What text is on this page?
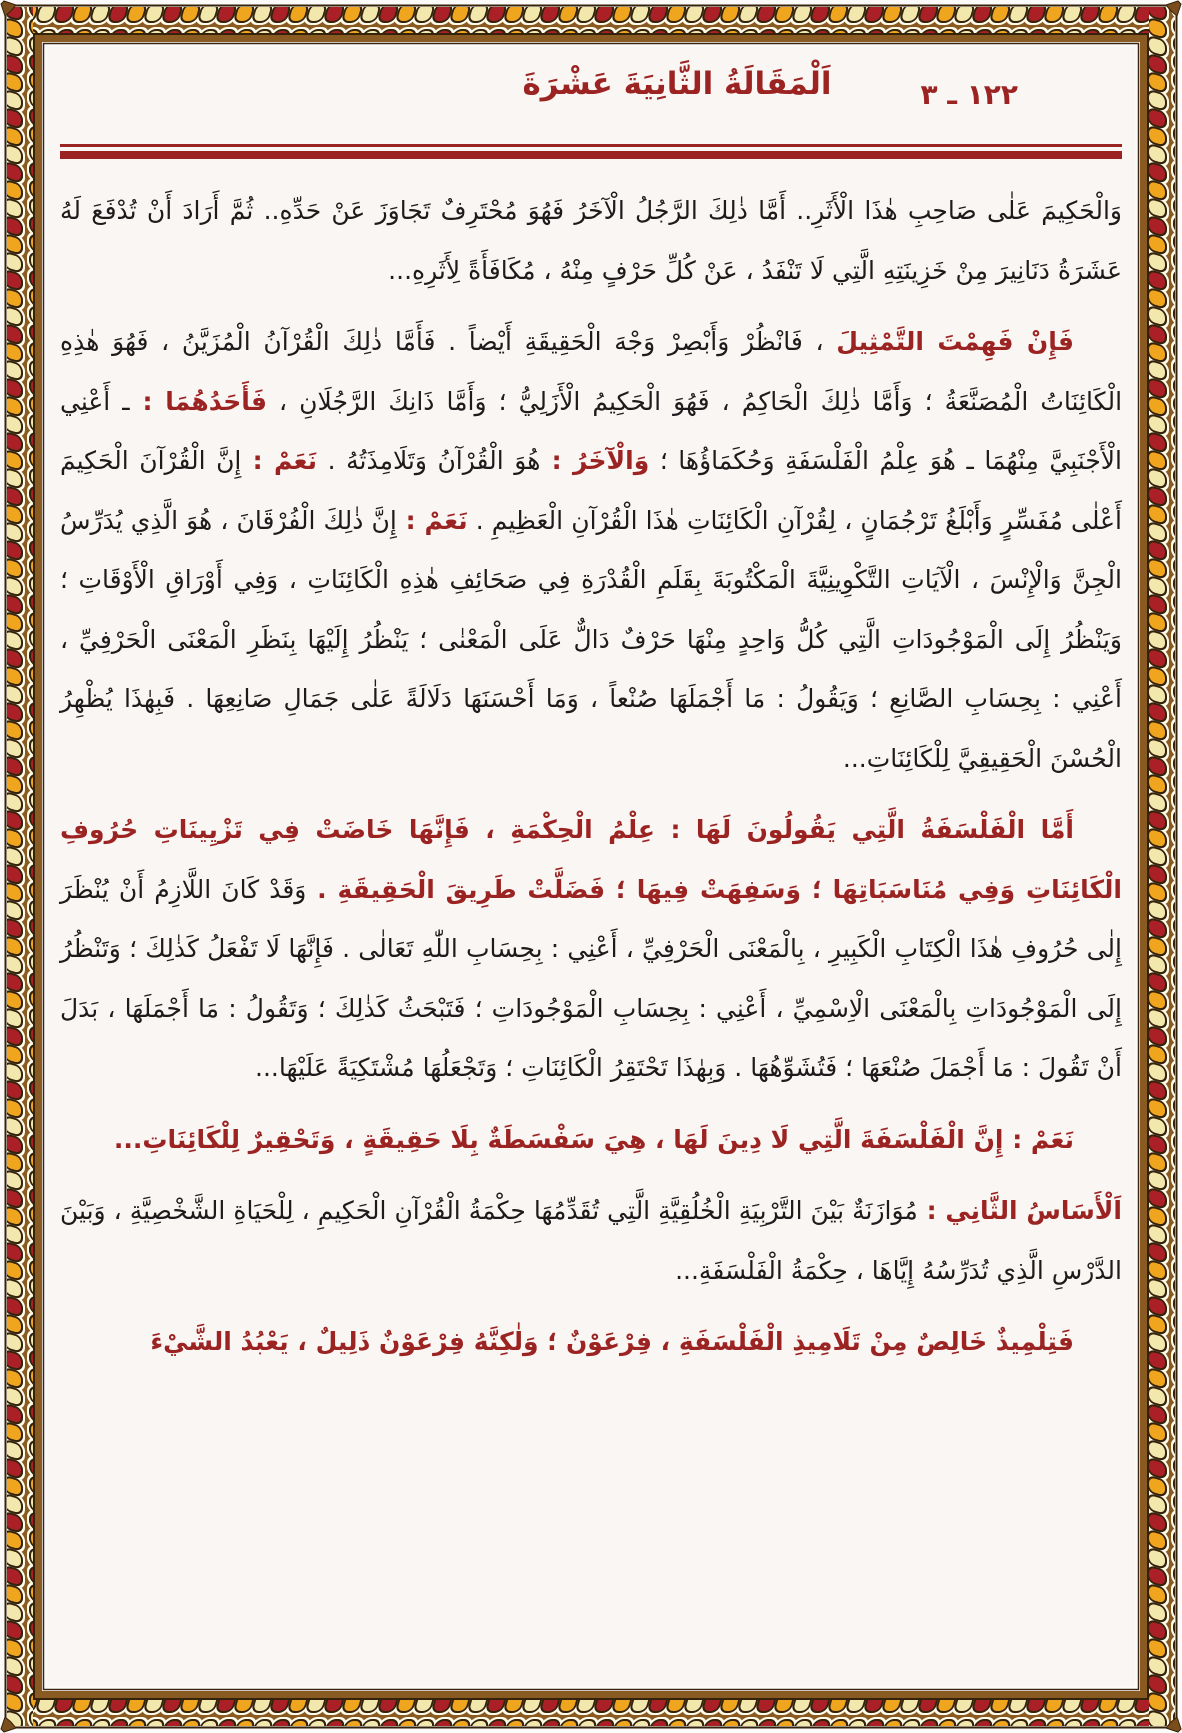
١٢٢ ـ ٣
اَلْمَقَالَةُ الثَّانِيَةَ عَشْرَةَ

وَالْحَكِيمَ عَلٰى صَاحِبِ هٰذَا الْأَثَرِ.. أَمَّا ذٰلِكَ الرَّجُلُ الْآخَرُ فَهُوَ مُحْتَرِفٌ تَجَاوَزَ عَنْ حَدِّهِ.. ثُمَّ أَرَادَ أَنْ تُدْفَعَ لَهُ عَشَرَةُ دَنَانِيرَ مِنْ خَزِينَتِهِ الَّتِي لَا تَنْفَدُ ، عَنْ كُلِّ حَرْفٍ مِنْهُ ، مُكَافَأَةً لِأَثَرِهِ...

فَإِنْ فَهِمْتَ التَّمْثِيلَ ، فَانْظُرْ وَأَبْصِرْ وَجْهَ الْحَقِيقَةِ أَيْضاً . فَأَمَّا ذٰلِكَ الْقُرْآنُ الْمُزَيَّنُ ، فَهُوَ هٰذِهِ الْكَائِنَاتُ الْمُصَنَّعَةُ ؛ وَأَمَّا ذٰلِكَ الْحَاكِمُ ، فَهُوَ الْحَكِيمُ الْأَزَلِيُّ ؛ وَأَمَّا ذَانِكَ الرَّجُلَانِ ، فَأَحَدُهُمَا : ـ أَعْنِي الْأَجْنَبِيَّ مِنْهُمَا ـ هُوَ عِلْمُ الْفَلْسَفَةِ وَحُكَمَاؤُهَا ؛ وَالْآخَرُ : هُوَ الْقُرْآنُ وَتَلَامِذَتُهُ . نَعَمْ : إِنَّ الْقُرْآنَ الْحَكِيمَ أَعْلٰى مُفَسِّرٍ وَأَبْلَغُ تَرْجُمَانٍ ، لِقُرْآنِ الْكَائِنَاتِ هٰذَا الْقُرْآنِ الْعَظِيمِ . نَعَمْ : إِنَّ ذٰلِكَ الْفُرْقَانَ ، هُوَ الَّذِي يُدَرِّسُ الْجِنَّ وَالْإِنْسَ ، الْآيَاتِ التَّكْوِينِيَّةَ الْمَكْتُوبَةَ بِقَلَمِ الْقُدْرَةِ فِي صَحَائِفِ هٰذِهِ الْكَائِنَاتِ ، وَفِي أَوْرَاقِ الْأَوْقَاتِ ؛ وَيَنْظُرُ إِلَى الْمَوْجُودَاتِ الَّتِي كُلُّ وَاحِدٍ مِنْهَا حَرْفٌ دَالٌّ عَلَى الْمَعْنٰى ؛ يَنْظُرُ إِلَيْهَا بِنَظَرِ الْمَعْنَى الْحَرْفِيِّ ، أَعْنِي : بِحِسَابِ الصَّانِعِ ؛ وَيَقُولُ : مَا أَجْمَلَهَا صُنْعاً ، وَمَا أَحْسَنَهَا دَلَالَةً عَلٰى جَمَالِ صَانِعِهَا . فَبِهٰذَا يُظْهِرُ الْحُسْنَ الْحَقِيقِيَّ لِلْكَائِنَاتِ...

أَمَّا الْفَلْسَفَةُ الَّتِي يَقُولُونَ لَهَا : عِلْمُ الْحِكْمَةِ ، فَإِنَّهَا خَاضَتْ فِي تَزْيِينَاتِ حُرُوفِ الْكَائِنَاتِ وَفِي مُنَاسَبَاتِهَا ؛ وَسَفِهَتْ فِيهَا ؛ فَضَلَّتْ طَرِيقَ الْحَقِيقَةِ . وَقَدْ كَانَ اللَّازِمُ أَنْ يُنْظَرَ إِلٰى حُرُوفِ هٰذَا الْكِتَابِ الْكَبِيرِ ، بِالْمَعْنَى الْحَرْفِيِّ ، أَعْنِي : بِحِسَابِ اللّٰهِ تَعَالٰى . فَإِنَّهَا لَا تَفْعَلُ كَذٰلِكَ ؛ وَتَنْظُرُ إِلَى الْمَوْجُودَاتِ بِالْمَعْنَى الْاِسْمِيِّ ، أَعْنِي : بِحِسَابِ الْمَوْجُودَاتِ ؛ فَتَبْحَثُ كَذٰلِكَ ؛ وَتَقُولُ : مَا أَجْمَلَهَا ، بَدَلَ أَنْ تَقُولَ : مَا أَجْمَلَ صُنْعَهَا ؛ فَتُشَوِّهُهَا . وَبِهٰذَا تَحْتَقِرُ الْكَائِنَاتِ ؛ وَتَجْعَلُهَا مُشْتَكِيَةً عَلَيْهَا...

نَعَمْ : إِنَّ الْفَلْسَفَةَ الَّتِي لَا دِينَ لَهَا ، هِيَ سَفْسَطَةٌ بِلَا حَقِيقَةٍ ، وَتَحْقِيرٌ لِلْكَائِنَاتِ...

اَلْأَسَاسُ الثَّانِي : مُوَازَنَةٌ بَيْنَ التَّرْبِيَةِ الْخُلُقِيَّةِ الَّتِي تُقَدِّمُهَا حِكْمَةُ الْقُرْآنِ الْحَكِيمِ ، لِلْحَيَاةِ الشَّخْصِيَّةِ ، وَبَيْنَ الدَّرْسِ الَّذِي تُدَرِّسُهُ إِيَّاهَا ، حِكْمَةُ الْفَلْسَفَةِ...

فَتِلْمِيذٌ خَالِصٌ مِنْ تَلَامِيذِ الْفَلْسَفَةِ ، فِرْعَوْنٌ ؛ وَلٰكِنَّهُ فِرْعَوْنٌ ذَلِيلٌ ، يَعْبُدُ الشَّيْءَ
